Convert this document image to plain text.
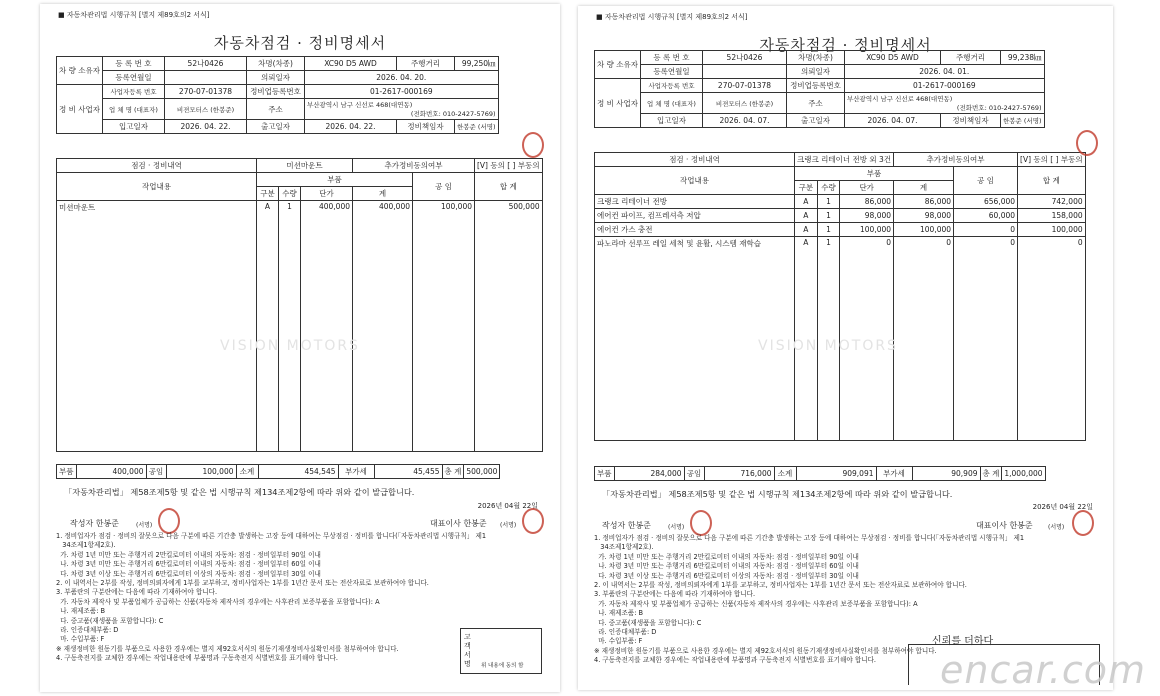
■ 자동차관리법 시행규칙 [별지 제89호의2 서식]
자동차점검 · 정비명세서
차 량 소유자	등 록 번 호	52나0426	차명(차종)	XC90 D5 AWD	주행거리	99,250㎞
	등록연월일		의뢰일자	2026. 04. 20.		
정 비 사업자	사업자등록 번호	270-07-01378	정비업등록번호	01-2617-000169		
	업 체 명 (대표자)	비젼모터스 (한봉준)	주소	부산광역시 남구 신선로 468(대연동)

(전화번호: 010-2427-5769)		

	입고일자	2026. 04. 22.	출고일자	2026. 04. 22.	정비책임자	한봉준 (서명)
점검 · 정비내역	미션마운트			추가정비동의여부		[V] 동의 [ ] 부동의
작업내용	부품				공 임	합 계
	구분	수량	단가	계		
미션마운트	A	1	400,000	400,000	100,000	500,000
VISION MOTORS
부품	400,000	공임	100,000	소계	454,545	부가세	45,455	총 계	500,000
「자동차관리법」 제58조제5항 및 같은 법 시행규칙 제134조제2항에 따라 위와 같이 발급합니다.
2026년 04월 22일
작성자 한봉준	(서명)	대표이사 한봉준 (서명)
1. 정비업자가 점검 · 정비의 잘못으로 다음 구분에 따른 기간충 발생하는 고장 등에 대하여는 무상점검 · 정비를 합니다(「자동차관리법 시행규칙」 제1
34조제1항제2호).
가. 차령 1년 미만 또는 주행거리 2만킬로미터 이내의 자동차: 점검 · 정비일부터 90일 이내
나. 차령 3년 미만 또는 주행거리 6만킬로미터 이내의 자동차: 점검 · 정비일부터 60일 이내
다. 차령 3년 이상 또는 주행거리 6만킬로미터 이상의 자동차: 점검 · 정비일부터 30일 이내
2. 이 내역서는 2부를 작성, 정비의뢰자에게 1부를 교부하고, 정비사업자는 1부를 1년간 문서 또는 전산자료로 보관하여야 합니다.
3. 부품란의 구분란에는 다음에 따라 기재하여야 합니다.
가. 자동차 제작사 및 부품업체가 공급하는 신품(자동차 제작사의 경우에는 사후관리 보증부품을 포함합니다): A
나. 재제조품: B
다. 중고품(재생품을 포함합니다): C
라. 인증대체부품: D
마. 수입부품: F
※ 재생정비한 원동기를 부품으로 사용한 경우에는 별지 제92호서식의 원동기재생정비사실확인서를 첨부하여야 합니다.
4. 구동축전지를 교체한 경우에는 작업내용란에 부품명과 구동축전지 식별번호를 표기해야 합니다.
고객서명 위 내용에 동의 함
■ 자동차관리법 시행규칙 [별지 제89호의2 서식]
자동차점검 · 정비명세서
차 량 소유자	등 록 번 호	52나0426	차명(차종)	XC90 D5 AWD	주행거리	99,238㎞
	등록연월일		의뢰일자	2026. 04. 01.		
정 비 사업자	사업자등록 번호	270-07-01378	정비업등록번호	01-2617-000169		
	업 체 명 (대표자)	비젼모터스 (한봉준)	주소	부산광역시 남구 신선로 468(대연동)

(전화번호: 010-2427-5769)		

	입고일자	2026. 04. 07.	출고일자	2026. 04. 07.	정비책임자	한봉준 (서명)
점검 · 정비내역	크랭크 리테이너 전방 외 3건			추가정비동의여부		[V] 동의 [ ] 부동의
작업내용	부품				공 임	합 계
	구분	수량	단가	계		
크랭크 리테이너 전방	A	1	86,000	86,000	656,000	742,000
에어컨 파이프, 컴프레셔측 저압	A	1	98,000	98,000	60,000	158,000
에어컨 가스 충전	A	1	100,000	100,000	0	100,000
파노라마 선루프 레일 세척 및 윤활, 시스템 재학습	A	1	0	0	0	0
VISION MOTORS
부품	284,000	공임	716,000	소계	909,091	부가세	90,909	총 계	1,000,000
「자동차관리법」 제58조제5항 및 같은 법 시행규칙 제134조제2항에 따라 위와 같이 발급합니다.
2026년 04월 22일
작성자 한봉준	(서명)	대표이사 한봉준	(서명)
1. 정비업자가 점검 · 정비의 잘못으로 다음 구분에 따른 기간충 발생하는 고장 등에 대하여는 무상점검 · 정비를 합니다(「자동차관리법 시행규칙」 제1
34조제1항제2호).
가. 차령 1년 미만 또는 주행거리 2만킬로미터 이내의 자동차: 점검 · 정비일부터 90일 이내
나. 차령 3년 미만 또는 주행거리 6만킬로미터 이내의 자동차: 점검 · 정비일부터 60일 이내
다. 차령 3년 이상 또는 주행거리 6만킬로미터 이상의 자동차: 점검 · 정비일부터 30일 이내
2. 이 내역서는 2부를 작성, 정비의뢰자에게 1부를 교부하고, 정비사업자는 1부를 1년간 문서 또는 전산자료로 보관하여야 합니다.
3. 부품란의 구분란에는 다음에 따라 기재하여야 합니다.
가. 자동차 제작사 및 부품업체가 공급하는 신품(자동차 제작사의 경우에는 사후관리 보증부품을 포함합니다): A
나. 재제조품: B
다. 중고품(재생품을 포함합니다): C
라. 인증대체부품: D
마. 수입부품: F
※ 재생정비한 원동기를 부품으로 사용한 경우에는 별지 제92호서식의 원동기재생정비사실확인서를 첨부하여야 합니다.
4. 구동축전지를 교체한 경우에는 작업내용란에 부품명과 구동축전지 식별번호를 표기해야 합니다.
신뢰를 더하다
encar.com
